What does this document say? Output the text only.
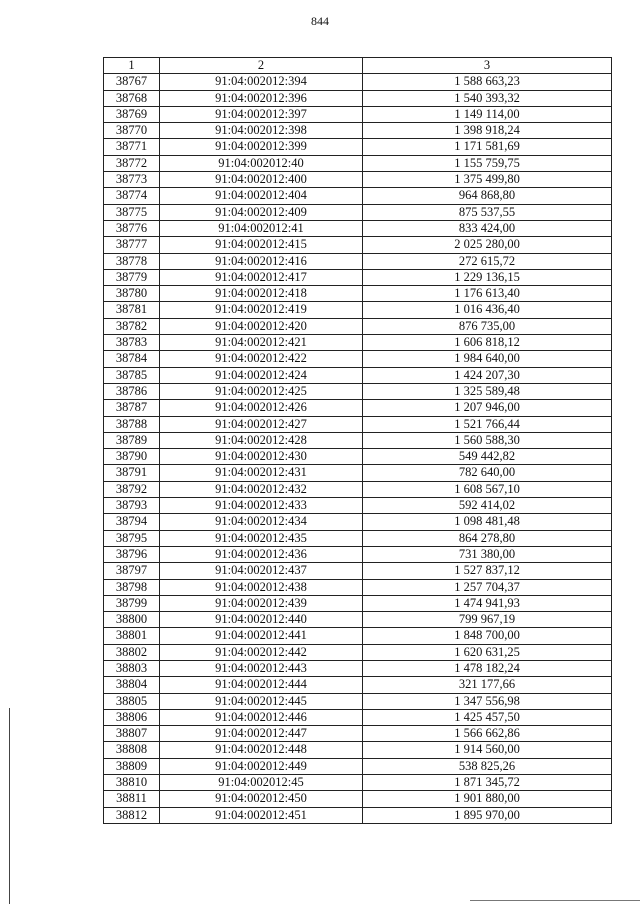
844
1	2	3
38767	91:04:002012:394	1 588 663,23
38768	91:04:002012:396	1 540 393,32
38769	91:04:002012:397	1 149 114,00
38770	91:04:002012:398	1 398 918,24
38771	91:04:002012:399	1 171 581,69
38772	91:04:002012:40	1 155 759,75
38773	91:04:002012:400	1 375 499,80
38774	91:04:002012:404	964 868,80
38775	91:04:002012:409	875 537,55
38776	91:04:002012:41	833 424,00
38777	91:04:002012:415	2 025 280,00
38778	91:04:002012:416	272 615,72
38779	91:04:002012:417	1 229 136,15
38780	91:04:002012:418	1 176 613,40
38781	91:04:002012:419	1 016 436,40
38782	91:04:002012:420	876 735,00
38783	91:04:002012:421	1 606 818,12
38784	91:04:002012:422	1 984 640,00
38785	91:04:002012:424	1 424 207,30
38786	91:04:002012:425	1 325 589,48
38787	91:04:002012:426	1 207 946,00
38788	91:04:002012:427	1 521 766,44
38789	91:04:002012:428	1 560 588,30
38790	91:04:002012:430	549 442,82
38791	91:04:002012:431	782 640,00
38792	91:04:002012:432	1 608 567,10
38793	91:04:002012:433	592 414,02
38794	91:04:002012:434	1 098 481,48
38795	91:04:002012:435	864 278,80
38796	91:04:002012:436	731 380,00
38797	91:04:002012:437	1 527 837,12
38798	91:04:002012:438	1 257 704,37
38799	91:04:002012:439	1 474 941,93
38800	91:04:002012:440	799 967,19
38801	91:04:002012:441	1 848 700,00
38802	91:04:002012:442	1 620 631,25
38803	91:04:002012:443	1 478 182,24
38804	91:04:002012:444	321 177,66
38805	91:04:002012:445	1 347 556,98
38806	91:04:002012:446	1 425 457,50
38807	91:04:002012:447	1 566 662,86
38808	91:04:002012:448	1 914 560,00
38809	91:04:002012:449	538 825,26
38810	91:04:002012:45	1 871 345,72
38811	91:04:002012:450	1 901 880,00
38812	91:04:002012:451	1 895 970,00
